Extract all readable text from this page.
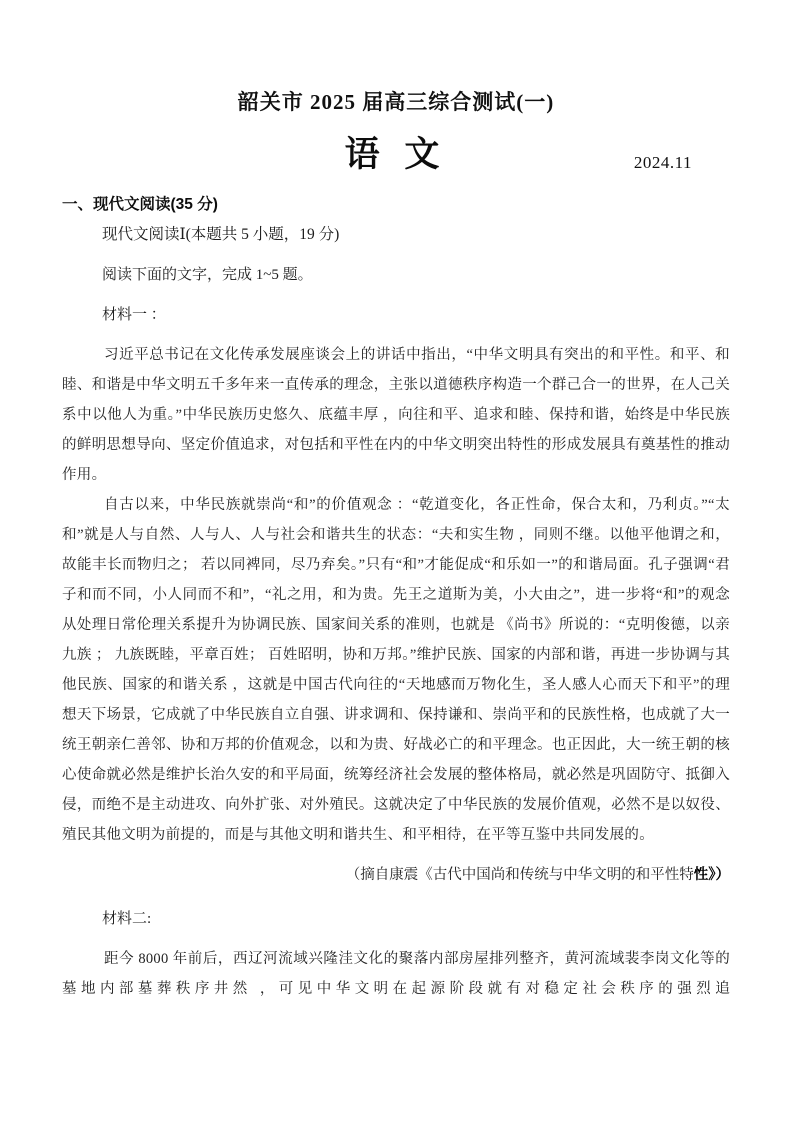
韶关市 2025 届高三综合测试(一)
语 文	2024.11
一、现代文阅读(35 分)
现代文阅读Ⅰ(本题共 5 小题，19 分)
阅读下面的文字，完成 1~5 题。
材料一 ：

习近平总书记在文化传承发展座谈会上的讲话中指出，“中华文明具有突出的和平性。和平、和睦、和谐是中华文明五千多年来一直传承的理念，主张以道德秩序构造一个群己合一的世界，在人己关系中以他人为重。”中华民族历史悠久、底蕴丰厚 ，向往和平、追求和睦、保持和谐，始终是中华民族的鲜明思想导向、坚定价值追求，对包括和平性在内的中华文明突出特性的形成发展具有奠基性的推动作用。

自古以来，中华民族就崇尚“和”的价值观念 ：“乾道变化，各正性命，保合太和，乃利贞。”“太和”就是人与自然、人与人、人与社会和谐共生的状态：“夫和实生物 ，同则不继。以他平他谓之和，故能丰长而物归之； 若以同裨同，尽乃弃矣。”只有“和”才能促成“和乐如一”的和谐局面。孔子强调“君子和而不同，小人同而不和”，“礼之用，和为贵。先王之道斯为美，小大由之”，进一步将“和”的观念从处理日常伦理关系提升为协调民族、国家间关系的准则，也就是 《尚书》所说的：“克明俊德，以亲九族 ； 九族既睦，平章百姓； 百姓昭明，协和万邦。”维护民族、国家的内部和谐，再进一步协调与其他民族、国家的和谐关系 ，这就是中国古代向往的“天地感而万物化生，圣人感人心而天下和平”的理想天下场景，它成就了中华民族自立自强、讲求调和、保持谦和、崇尚平和的民族性格，也成就了大一统王朝亲仁善邻、协和万邦的价值观念，以和为贵、好战必亡的和平理念。也正因此，大一统王朝的核心使命就必然是维护长治久安的和平局面，统筹经济社会发展的整体格局，就必然是巩固防守、抵御入侵，而绝不是主动进攻、向外扩张、对外殖民。这就决定了中华民族的发展价值观，必然不是以奴役、殖民其他文明为前提的，而是与其他文明和谐共生、和平相待，在平等互鉴中共同发展的。

（摘自康震《古代中国尚和传统与中华文明的和平性特性》）
材料二:

距今 8000 年前后，西辽河流域兴隆洼文化的聚落内部房屋排列整齐，黄河流域裴李岗文化等的墓地内部墓葬秩序井然 ，可见中华文明在起源阶段就有对稳定社会秩序的强烈追
